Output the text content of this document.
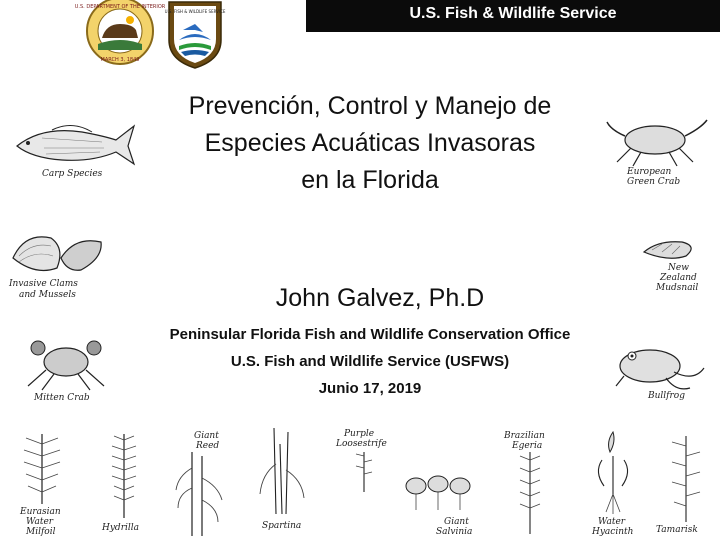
U.S. Fish & Wildlife Service
U.S. DEPARTMENT OF THE INTERIOR
MARCH 3, 1849
U.S. FISH & WILDLIFE SERVICE
Prevención, Control y Manejo de
Especies Acuáticas Invasoras
en la Florida
John Galvez, Ph.D
Peninsular Florida Fish and Wildlife Conservation Office
U.S. Fish and Wildlife Service (USFWS)
Junio 17, 2019
Carp Species	European
Green Crab
Invasive Clams
and Mussels
New
Zealand
Mudsnail
Mitten Crab	Bullfrog
Eurasian
Water
Milfoil	Hydrilla
Giant
Reed
Spartina
Purple
Loosestrife
Giant
Salvinia
Brazilian
Egeria
Water
Hyacinth	Tamarisk
